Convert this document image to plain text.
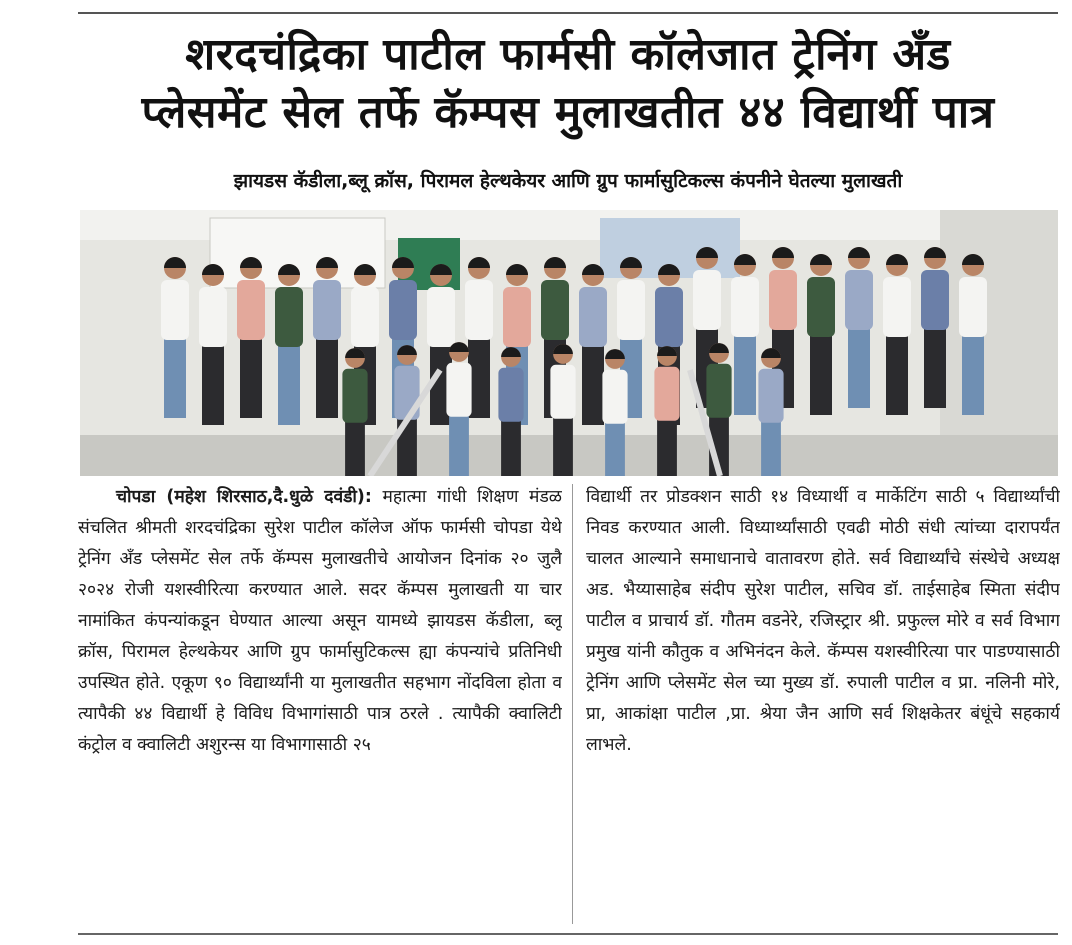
शरदचंद्रिका पाटील फार्मसी कॉलेजात ट्रेनिंग अँड
प्लेसमेंट सेल तर्फे कॅम्पस मुलाखतीत ४४ विद्यार्थी पात्र
झायडस कॅडीला,ब्लू क्रॉस, पिरामल हेल्थकेयर आणि ग्रुप फार्मासुटिकल्स कंपनीने घेतल्या मुलाखती

चोपडा (महेश शिरसाठ,दै.धुळे दवंडी): महात्मा गांधी शिक्षण मंडळ संचलित श्रीमती शरदचंद्रिका सुरेश पाटील कॉलेज ऑफ फार्मसी चोपडा येथे ट्रेनिंग अँड प्लेसमेंट सेल तर्फे कॅम्पस मुलाखतीचे आयोजन दिनांक २० जुलै २०२४ रोजी यशस्वीरित्या करण्यात आले. सदर कॅम्पस मुलाखती या चार नामांकित कंपन्यांकडून घेण्यात आल्या असून यामध्ये झायडस कॅडीला, ब्लू क्रॉस, पिरामल हेल्थकेयर आणि ग्रुप फार्मासुटिकल्स ह्या कंपन्यांचे प्रतिनिधी उपस्थित होते. एकूण ९० विद्यार्थ्यांनी या मुलाखतीत सहभाग नोंदविला होता व त्यापैकी ४४ विद्यार्थी हे विविध विभागांसाठी पात्र ठरले . त्यापैकी क्वालिटी कंट्रोल व क्वालिटी अशुरन्स या विभागासाठी २५

विद्यार्थी तर प्रोडक्शन साठी १४ विध्यार्थी व मार्केटिंग साठी ५ विद्यार्थ्यांची निवड करण्यात आली. विध्यार्थ्यांसाठी एवढी मोठी संधी त्यांच्या दारापर्यंत चालत आल्याने समाधानाचे वातावरण होते. सर्व विद्यार्थ्यांचे संस्थेचे अध्यक्ष अड. भैय्यासाहेब संदीप सुरेश पाटील, सचिव डॉ. ताईसाहेब स्मिता संदीप पाटील व प्राचार्य डॉ. गौतम वडनेरे, रजिस्ट्रार श्री. प्रफुल्ल मोरे व सर्व विभाग प्रमुख यांनी कौतुक व अभिनंदन केले. कॅम्पस यशस्वीरित्या पार पाडण्यासाठी ट्रेनिंग आणि प्लेसमेंट सेल च्या मुख्य डॉ. रुपाली पाटील व प्रा. नलिनी मोरे, प्रा, आकांक्षा पाटील ,प्रा. श्रेया जैन आणि सर्व शिक्षकेतर बंधूंचे सहकार्य लाभले.
